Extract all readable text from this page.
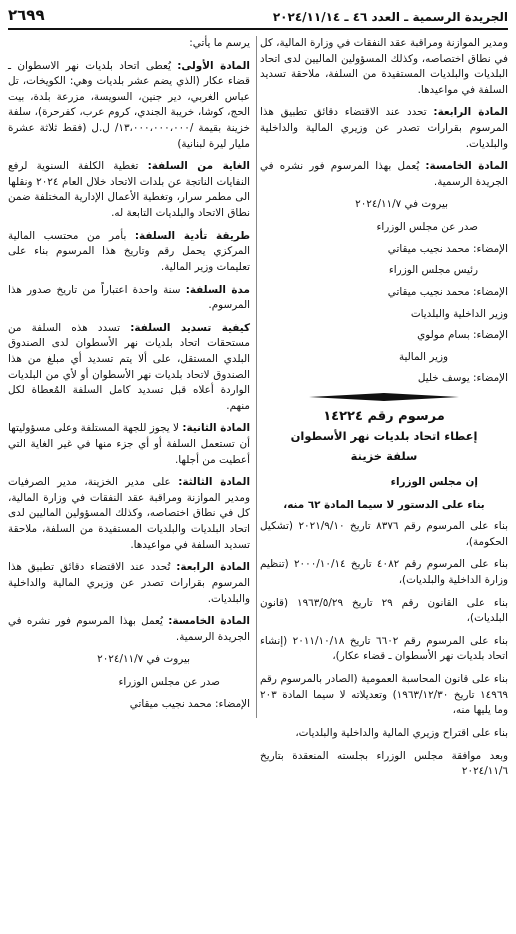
الجريدة الرسمية ـ العدد ٤٦ ـ ٢٠٢٤/١١/١٤
٢٦٩٩

ومدير الموازنة ومراقبة عقد النفقات في وزارة المالية، كل في نطاق اختصاصه، وكذلك المسؤولين الماليين لدى اتحاد البلديات والبلديات المستفيدة من السلفة، ملاحقة تسديد السلفة في مواعيدها.

المادة الرابعة: تحدد عند الاقتضاء دقائق تطبيق هذا المرسوم بقرارات تصدر عن وزيري المالية والداخلية والبلديات.

المادة الخامسة: يُعمل بهذا المرسوم فور نشره في الجريدة الرسمية.

بيروت في ٢٠٢٤/١١/٧

صدر عن مجلس الوزراء

الإمضاء: محمد نجيب ميقاتي

رئيس مجلس الوزراء

الإمضاء: محمد نجيب ميقاتي

وزير الداخلية والبلديات

الإمضاء: بسام مولوي

وزير المالية

الإمضاء: يوسف خليل

مرسوم رقم ١٤٢٢٤
إعطاء اتحاد بلديات نهر الأسطوان
سلفة خزينة

إن مجلس الوزراء

بناء على الدستور لا سيما المادة ٦٢ منه،

بناء على المرسوم رقم ٨٣٧٦ تاريخ ٢٠٢١/٩/١٠ (تشكيل الحكومة)،

بناء على المرسوم رقم ٤٠٨٢ تاريخ ٢٠٠٠/١٠/١٤ (تنظيم وزارة الداخلية والبلديات)،

بناء على القانون رقم ٢٩ تاريخ ١٩٦٣/٥/٢٩ (قانون البلديات)،

بناء على المرسوم رقم ٦٦٠٢ تاريخ ٢٠١١/١٠/١٨ (إنشاء اتحاد بلديات نهر الأسطوان ـ قضاء عكار)،

بناء على قانون المحاسبة العمومية (الصادر بالمرسوم رقم ١٤٩٦٩ تاريخ ١٩٦٣/١٢/٣٠) وتعديلاته لا سيما المادة ٢٠٣ وما يليها منه،

بناء على اقتراح وزيري المالية والداخلية والبلديات،

وبعد موافقة مجلس الوزراء بجلسته المنعقدة بتاريخ ٢٠٢٤/١١/٦

يرسم ما يأتي:

المادة الأولى: يُعطى اتحاد بلديات نهر الاسطوان ـ قضاء عكار (الذي يضم عشر بلديات وهي: الكويخات، تل عباس الغربي، دير جنين، السويسة، مزرعة بلدة، بيت الحج، كوشا، خريبة الجندي، كروم عرب، كفرحرة)، سلفة خزينة بقيمة /١٣،٠٠٠،٠٠٠،٠٠٠/ ل.ل (فقط ثلاثة عشرة مليار ليرة لبنانية)

الغاية من السلفة: تغطية الكلفة السنوية لرفع النفايات الناتجة عن بلدات الاتحاد خلال العام ٢٠٢٤ ونقلها الى مطمر سرار، وتغطية الأعمال الإدارية المختلفة ضمن نطاق الاتحاد والبلديات التابعة له.

طريقة تأدية السلفة: بأمر من محتسب المالية المركزي يحمل رقم وتاريخ هذا المرسوم بناء على تعليمات وزير المالية.

مدة السلفة: سنة واحدة اعتباراً من تاريخ صدور هذا المرسوم.

كيفية تسديد السلفة: تسدد هذه السلفة من مستحقات اتحاد بلديات نهر الأسطوان لدى الصندوق البلدي المستقل، على ألا يتم تسديد أي مبلغ من هذا الصندوق لاتحاد بلديات نهر الأسطوان أو لأي من البلديات الواردة أعلاه قبل تسديد كامل السلفة المُعطاة لكل منهم.

المادة الثانية: لا يجوز للجهة المستلفة وعلى مسؤوليتها أن تستعمل السلفة أو أي جزء منها في غير الغاية التي أعطيت من أجلها.

المادة الثالثة: على مدير الخزينة، مدير الصرفيات ومدير الموازنة ومراقبة عقد النفقات في وزارة المالية، كل في نطاق اختصاصه، وكذلك المسؤولين الماليين لدى اتحاد البلديات والبلديات المستفيدة من السلفة، ملاحقة تسديد السلفة في مواعيدها.

المادة الرابعة: تُحدد عند الاقتضاء دقائق تطبيق هذا المرسوم بقرارات تصدر عن وزيري المالية والداخلية والبلديات.

المادة الخامسة: يُعمل بهذا المرسوم فور نشره في الجريدة الرسمية.

بيروت في ٢٠٢٤/١١/٧

صدر عن مجلس الوزراء

الإمضاء: محمد نجيب ميقاتي
